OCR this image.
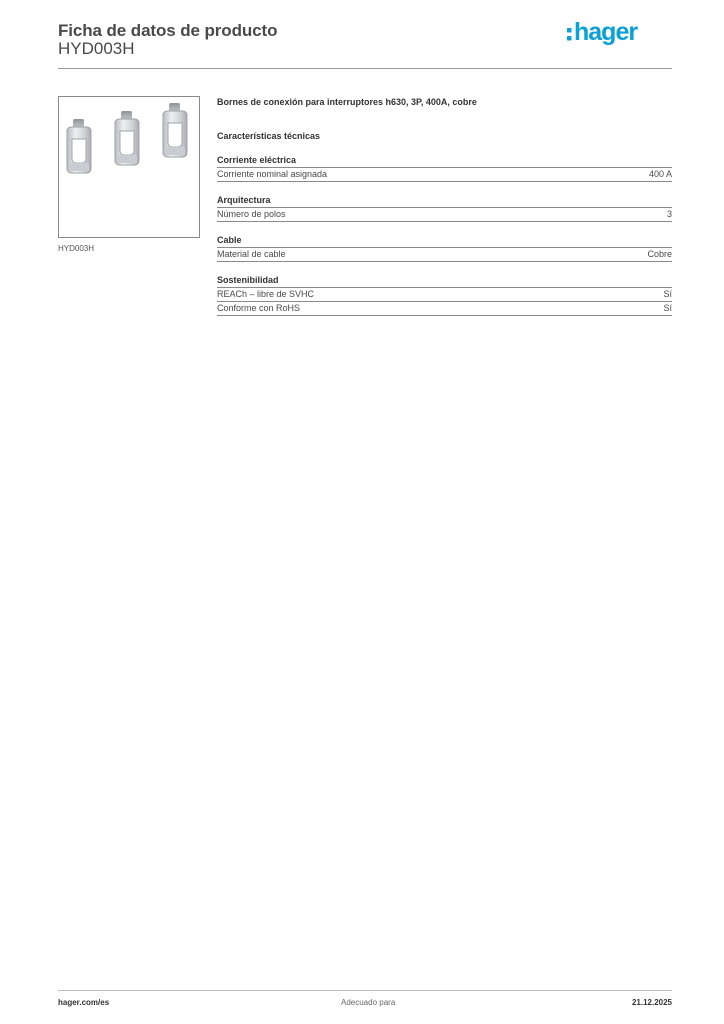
Ficha de datos de producto
HYD003H
hager
HYD003H
Bornes de conexión para interruptores h630, 3P, 400A, cobre
Características técnicas
Corriente eléctrica
Corriente nominal asignada	400 A
Arquitectura
Número de polos	3
Cable
Material de cable	Cobre
Sostenibilidad
REACh – libre de SVHC	Sí
Conforme con RoHS	Sí
hager.com/es	Adecuado para	21.12.2025
